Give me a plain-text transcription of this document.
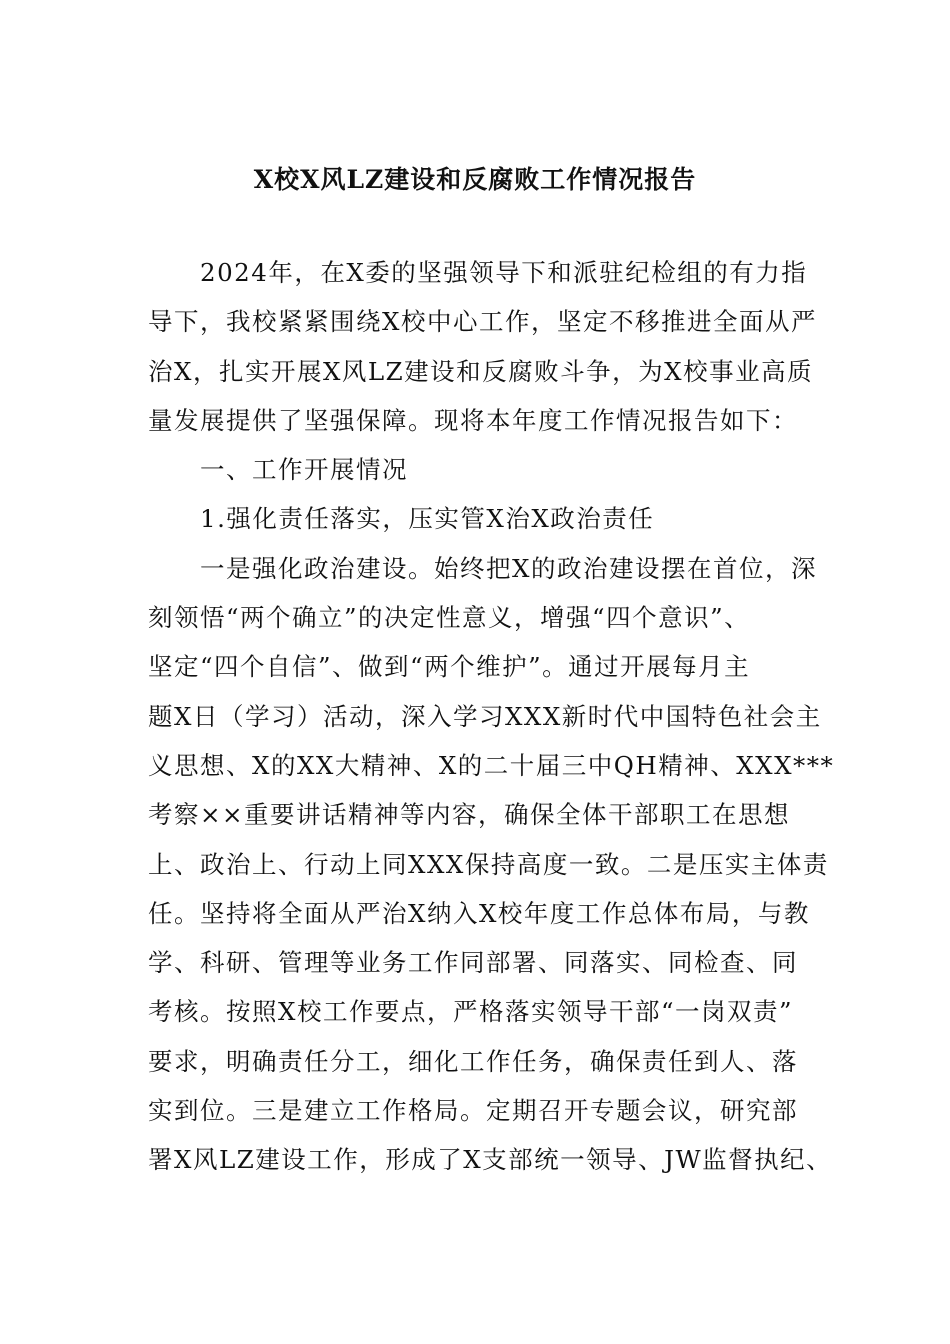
X校X风LZ建设和反腐败工作情况报告
2024年，在X委的坚强领导下和派驻纪检组的有力指
导下，我校紧紧围绕X校中心工作，坚定不移推进全面从严
治X，扎实开展X风LZ建设和反腐败斗争，为X校事业高质
量发展提供了坚强保障。现将本年度工作情况报告如下：
一、工作开展情况
1.强化责任落实，压实管X治X政治责任
一是强化政治建设。始终把X的政治建设摆在首位，深
刻领悟“两个确立”的决定性意义，增强“四个意识”、
坚定“四个自信”、做到“两个维护”。通过开展每月主
题X日（学习）活动，深入学习XXX新时代中国特色社会主
义思想、X的XX大精神、X的二十届三中QH精神、XXX***
考察××重要讲话精神等内容，确保全体干部职工在思想
上、政治上、行动上同XXX保持高度一致。二是压实主体责
任。坚持将全面从严治X纳入X校年度工作总体布局，与教
学、科研、管理等业务工作同部署、同落实、同检查、同
考核。按照X校工作要点，严格落实领导干部“一岗双责”
要求，明确责任分工，细化工作任务，确保责任到人、落
实到位。三是建立工作格局。定期召开专题会议，研究部
署X风LZ建设工作，形成了X支部统一领导、JW监督执纪、
